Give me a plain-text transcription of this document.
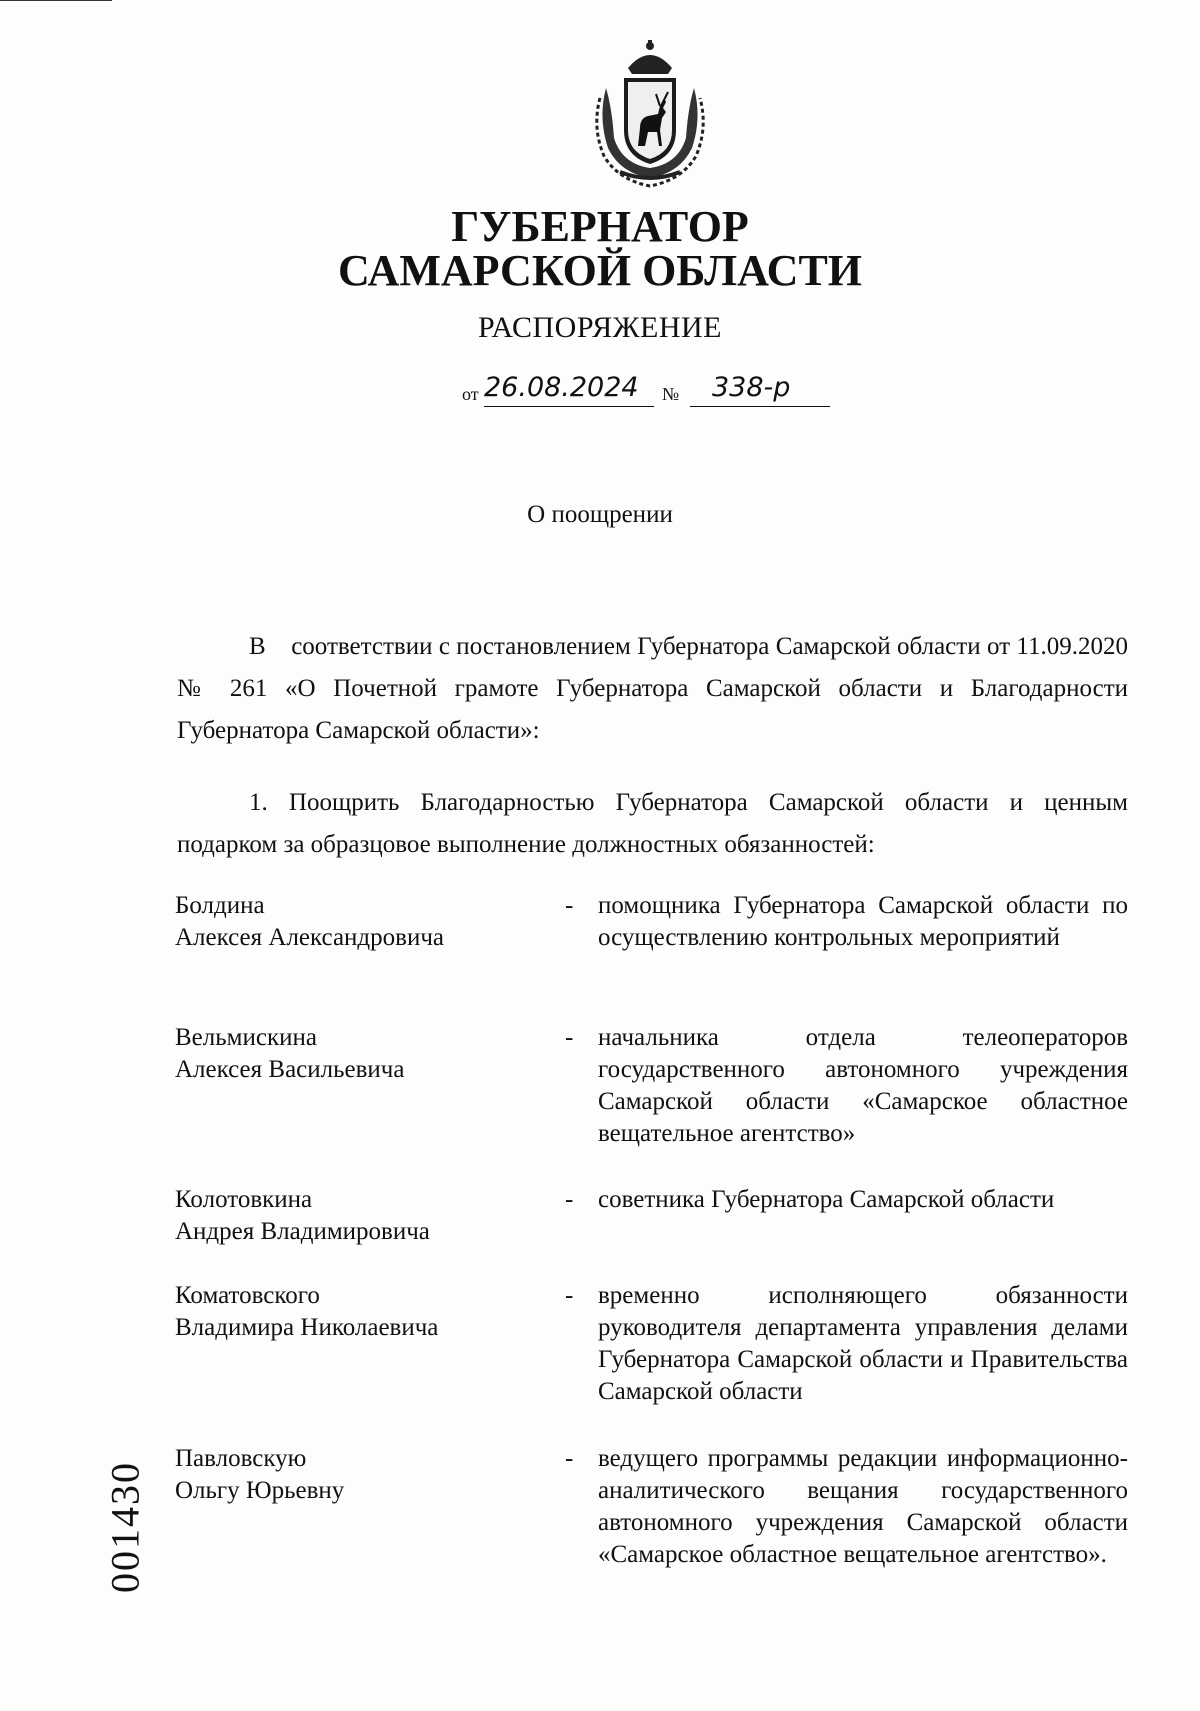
ГУБЕРНАТОР
САМАРСКОЙ ОБЛАСТИ
РАСПОРЯЖЕНИЕ
от 26.08.2024	№	338-р
О поощрении
В соответствии с постановлением Губернатора Самарской области от 11.09.2020 № 261 «О Почетной грамоте Губернатора Самарской области и Благодарности Губернатора Самарской области»:
1. Поощрить Благодарностью Губернатора Самарской области и ценным подарком за образцовое выполнение должностных обязанностей:
Болдина
Алексея Александровича
- помощника Губернатора Самарской области по осуществлению контрольных мероприятий
Вельмискина
Алексея Васильевича
- начальника отдела телеоператоров государственного автономного учреждения Самарской области «Самарское областное вещательное агентство»
Колотовкина
Андрея Владимировича
- советника Губернатора Самарской области
Коматовского
Владимира Николаевича
- временно исполняющего обязанности руководителя департамента управления делами Губернатора Самарской области и Правительства Самарской области
Павловскую
Ольгу Юрьевну
- ведущего программы редакции информационно-аналитического вещания государственного автономного учреждения Самарской области «Самарское областное вещательное агентство».
001430
